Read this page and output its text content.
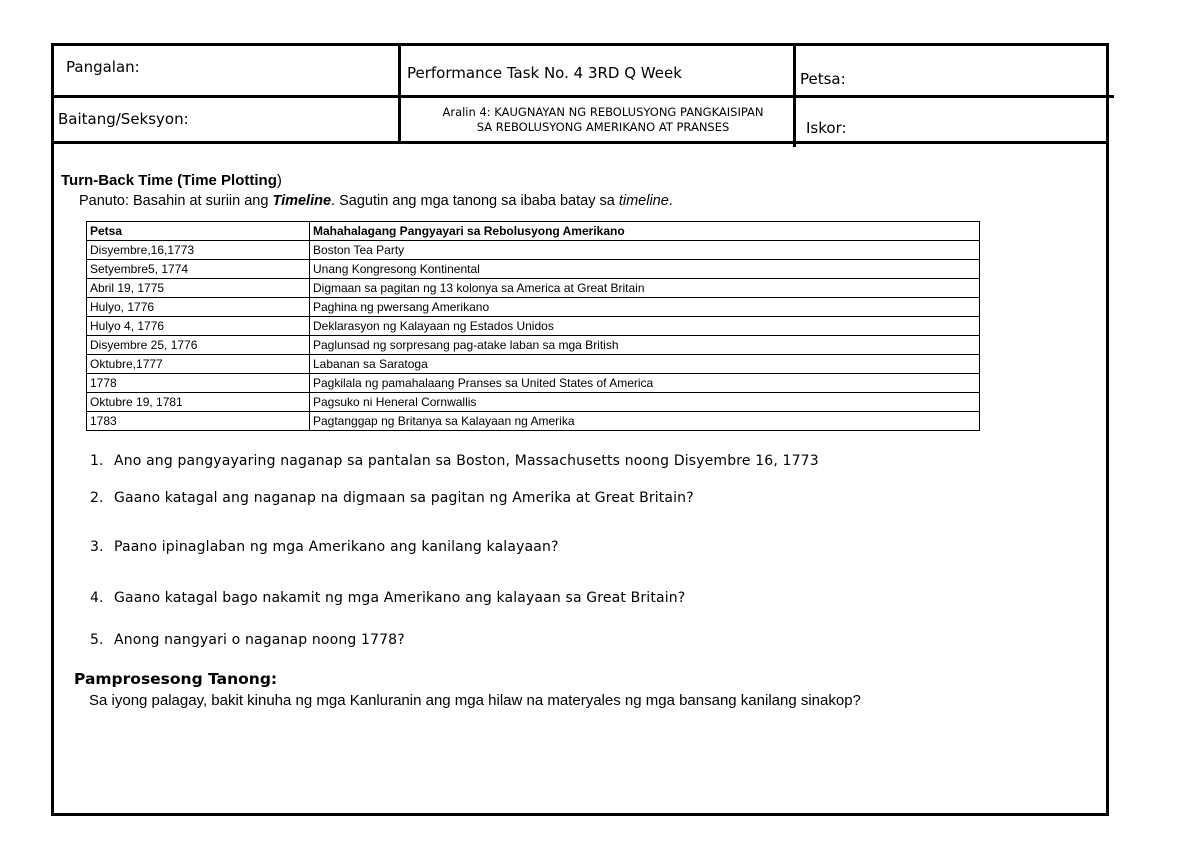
Pangalan:	Performance Task No. 4 3RD Q Week	Petsa:
Baitang/Seksyon:	Aralin 4: KAUGNAYAN NG REBOLUSYONG PANGKAISIPAN
SA REBOLUSYONG AMERIKANO AT PRANSES	Iskor:
Turn-Back Time (Time Plotting)
Panuto: Basahin at suriin ang Timeline. Sagutin ang mga tanong sa ibaba batay sa timeline.
Petsa	Mahahalagang Pangyayari sa Rebolusyong Amerikano
Disyembre,16,1773	Boston Tea Party
Setyembre5, 1774	Unang Kongresong Kontinental
Abril 19, 1775	Digmaan sa pagitan ng 13 kolonya sa America at Great Britain
Hulyo, 1776	Paghina ng pwersang Amerikano
Hulyo 4, 1776	Deklarasyon ng Kalayaan ng Estados Unidos
Disyembre 25, 1776	Paglunsad ng sorpresang pag-atake laban sa mga British
Oktubre,1777	Labanan sa Saratoga
1778	Pagkilala ng pamahalaang Pranses sa United States of America
Oktubre 19, 1781	Pagsuko ni Heneral Cornwallis
1783	Pagtanggap ng Britanya sa Kalayaan ng Amerika
1. Ano ang pangyayaring naganap sa pantalan sa Boston, Massachusetts noong Disyembre 16, 1773
2. Gaano katagal ang naganap na digmaan sa pagitan ng Amerika at Great Britain?
3. Paano ipinaglaban ng mga Amerikano ang kanilang kalayaan?
4. Gaano katagal bago nakamit ng mga Amerikano ang kalayaan sa Great Britain?
5. Anong nangyari o naganap noong 1778?
Pamprosesong Tanong:
Sa iyong palagay, bakit kinuha ng mga Kanluranin ang mga hilaw na materyales ng mga bansang kanilang sinakop?
